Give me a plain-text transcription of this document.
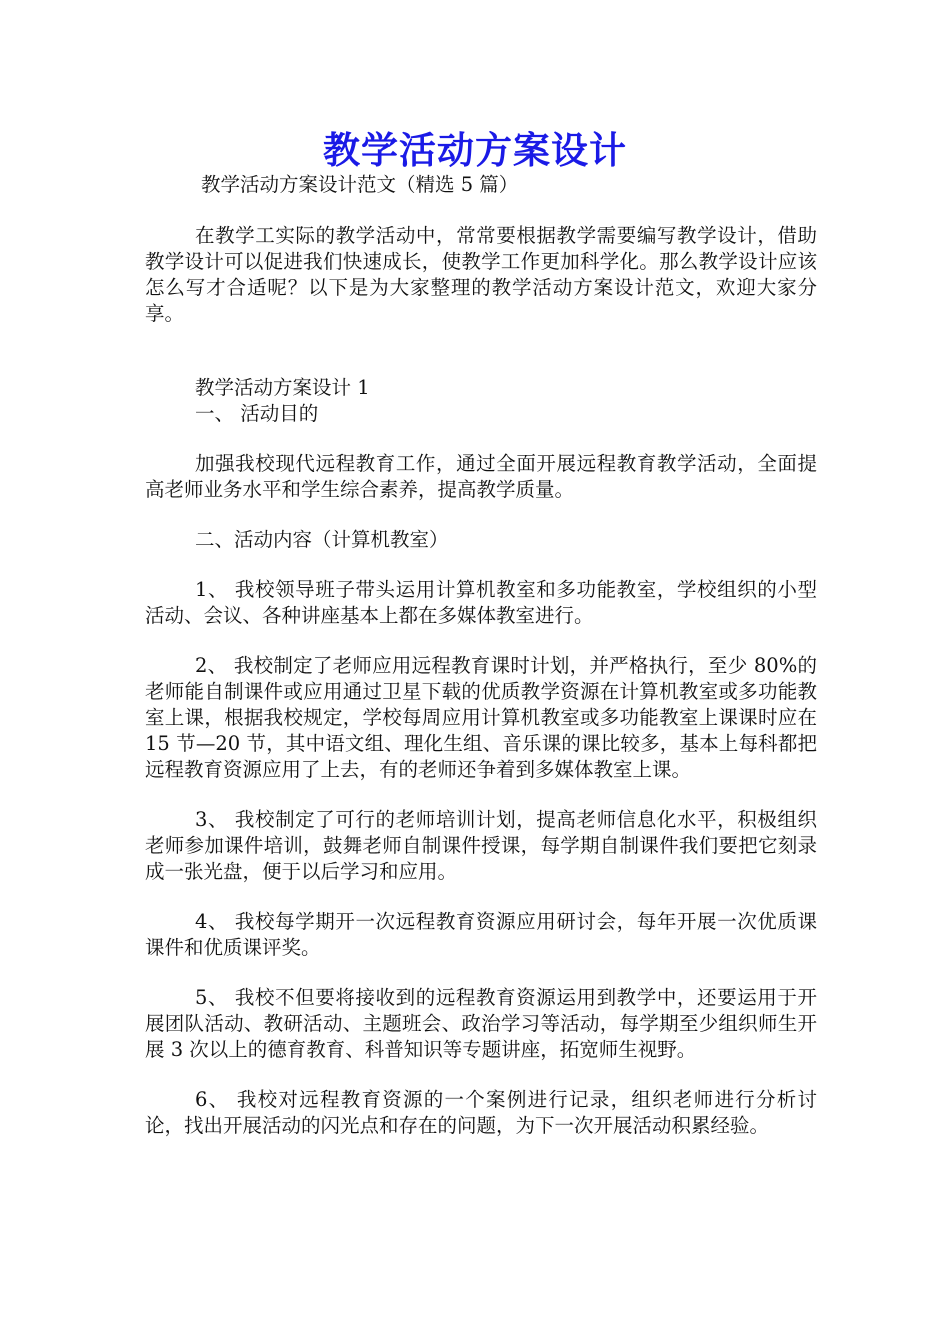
教学活动方案设计

教学活动方案设计范文（精选 5 篇）

在教学工实际的教学活动中，常常要根据教学需要编写教学设计，借助教学设计可以促进我们快速成长，使教学工作更加科学化。那么教学设计应该怎么写才合适呢？以下是为大家整理的教学活动方案设计范文，欢迎大家分享。

教学活动方案设计 1

一、 活动目的

加强我校现代远程教育工作，通过全面开展远程教育教学活动，全面提高老师业务水平和学生综合素养，提高教学质量。

二、活动内容（计算机教室）

1、 我校领导班子带头运用计算机教室和多功能教室，学校组织的小型活动、会议、各种讲座基本上都在多媒体教室进行。

2、 我校制定了老师应用远程教育课时计划，并严格执行，至少 80%的老师能自制课件或应用通过卫星下载的优质教学资源在计算机教室或多功能教室上课，根据我校规定，学校每周应用计算机教室或多功能教室上课课时应在 15 节—20 节，其中语文组、理化生组、音乐课的课比较多，基本上每科都把远程教育资源应用了上去，有的老师还争着到多媒体教室上课。

3、 我校制定了可行的老师培训计划，提高老师信息化水平，积极组织老师参加课件培训，鼓舞老师自制课件授课，每学期自制课件我们要把它刻录成一张光盘，便于以后学习和应用。

4、 我校每学期开一次远程教育资源应用研讨会，每年开展一次优质课课件和优质课评奖。

5、 我校不但要将接收到的远程教育资源运用到教学中，还要运用于开展团队活动、教研活动、主题班会、政治学习等活动，每学期至少组织师生开展 3 次以上的德育教育、科普知识等专题讲座，拓宽师生视野。

6、 我校对远程教育资源的一个案例进行记录，组织老师进行分析讨论，找出开展活动的闪光点和存在的问题，为下一次开展活动积累经验。
